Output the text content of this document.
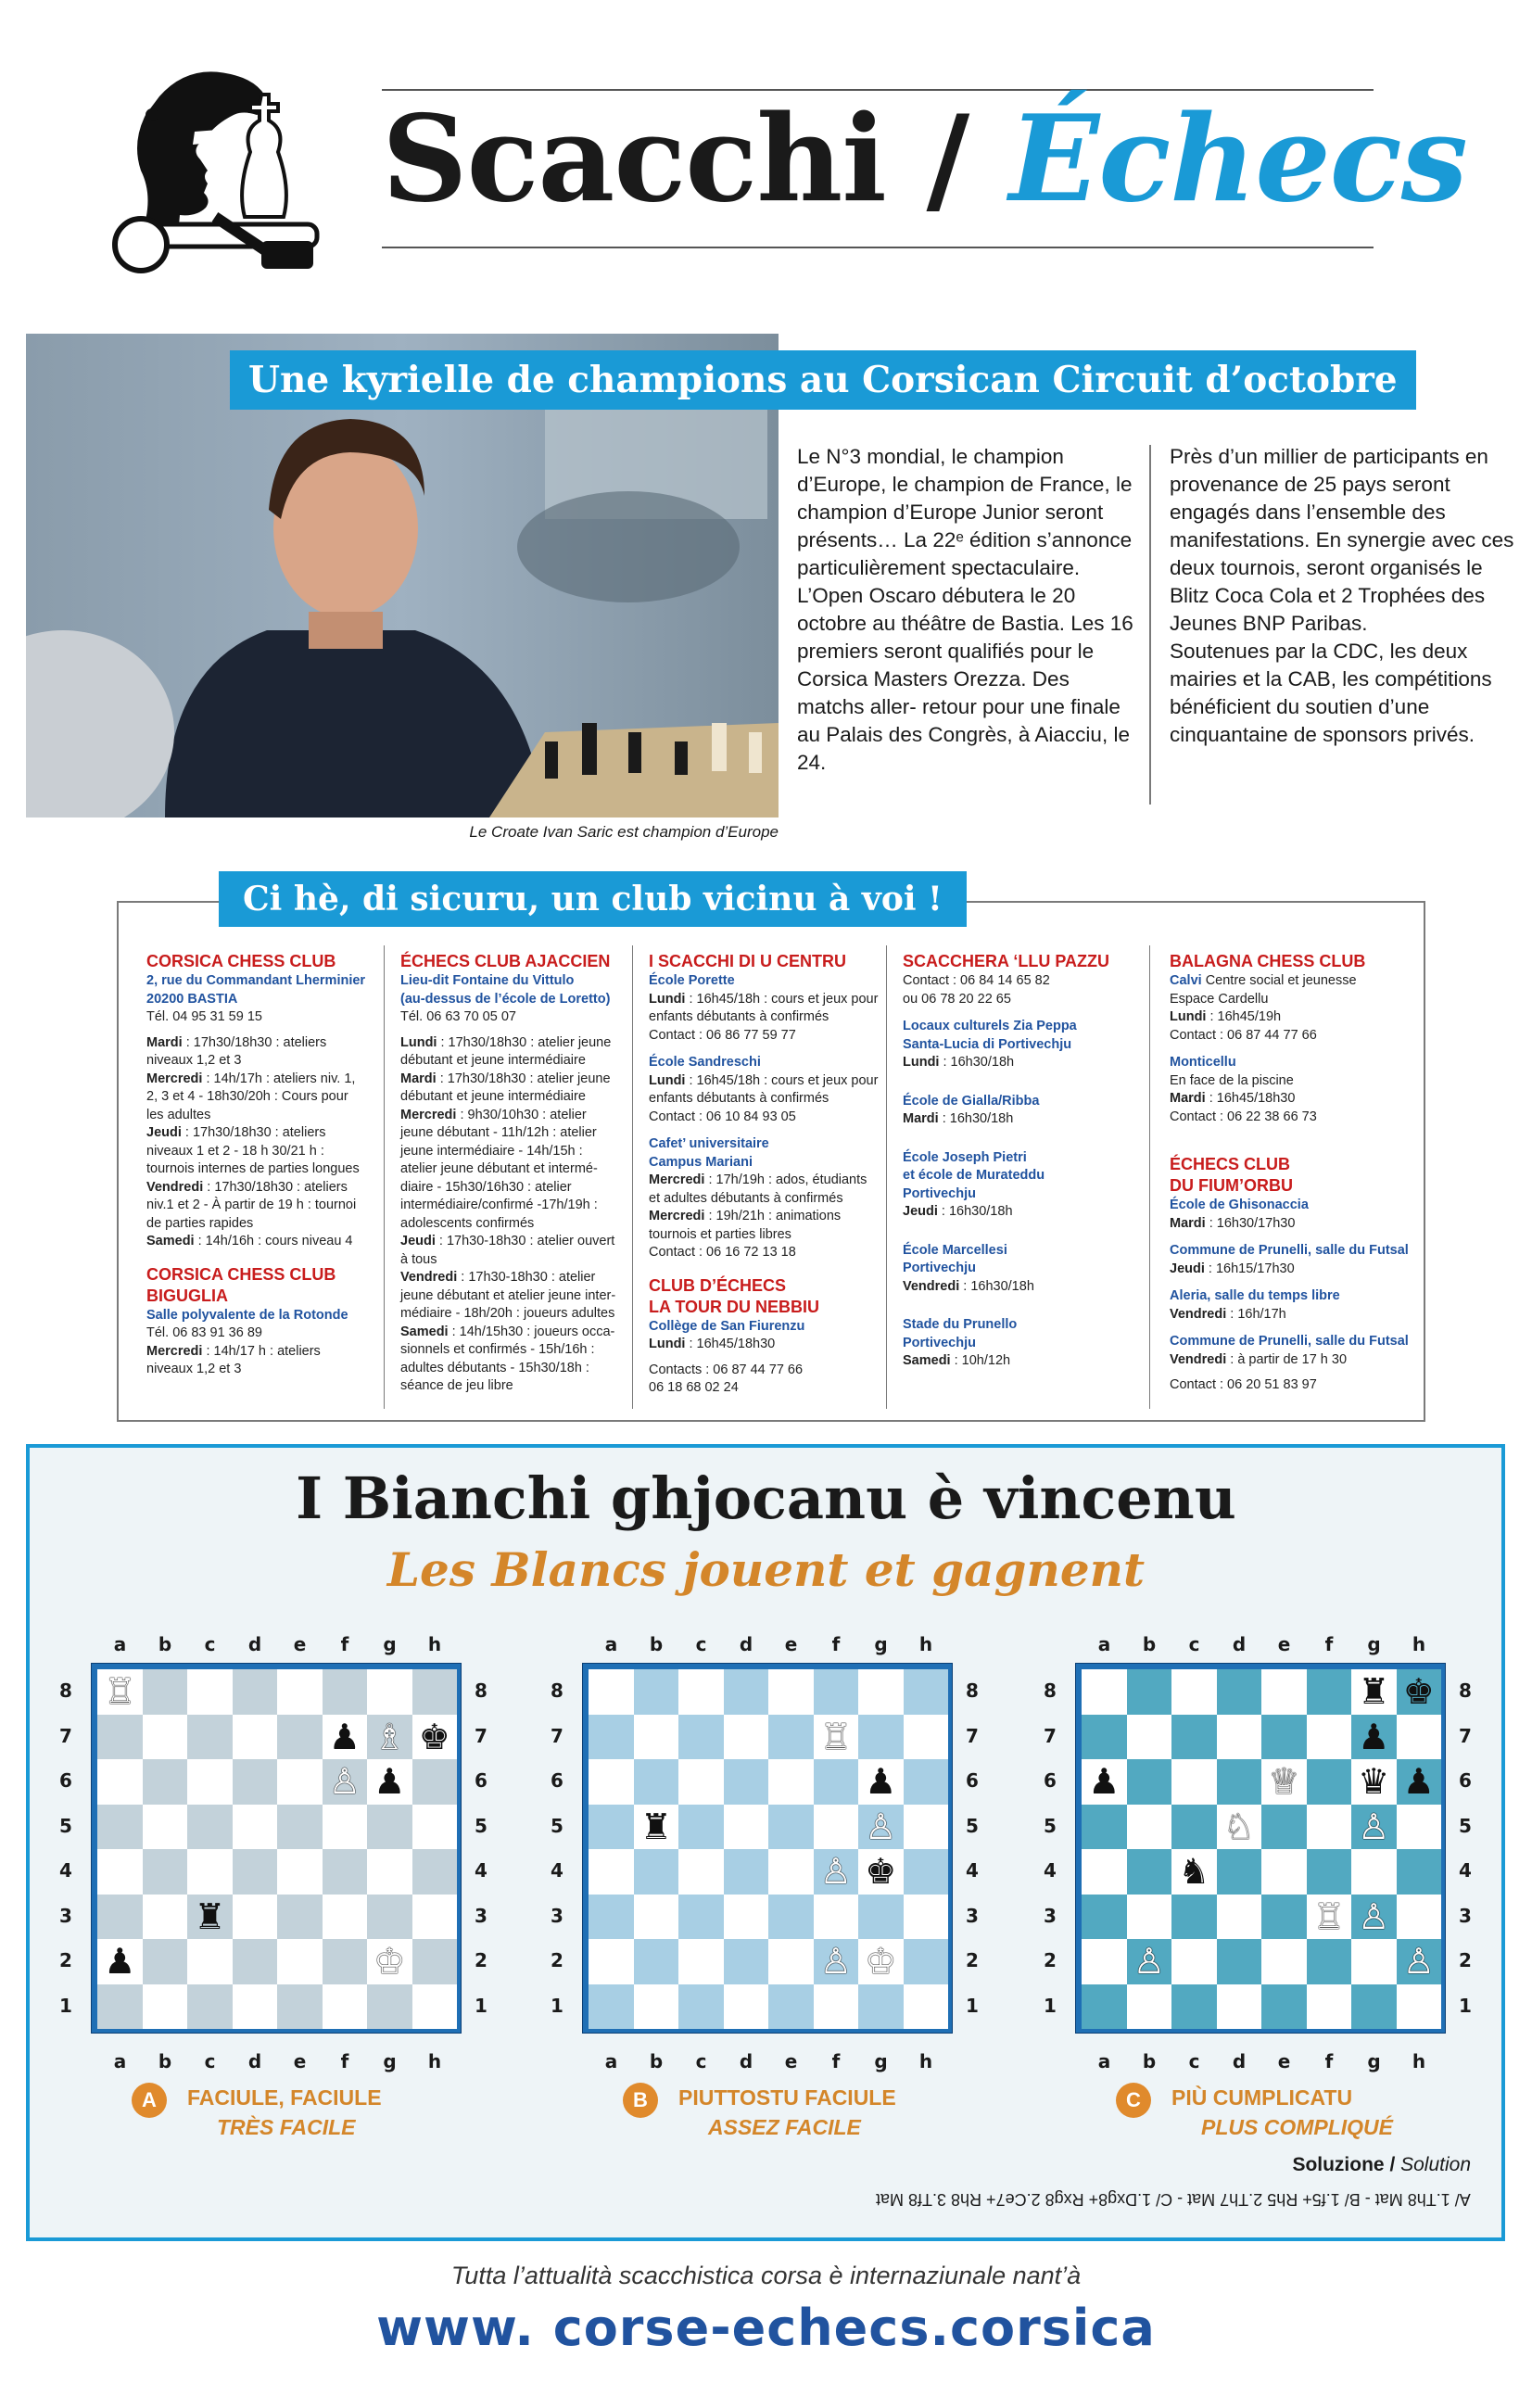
Scacchi / Échecs
Une kyrielle de champions au Corsican Circuit d’octobre
Le Croate Ivan Saric est champion d’Europe
Le N°3 mondial, le champion d’Europe, le champion de France, le champion d’Europe Junior seront présents… La 22ᵉ édition s’annonce particulièrement spectaculaire.
L’Open Oscaro débutera le 20 octobre au théâtre de Bastia. Les 16 premiers seront qualifiés pour le Corsica Masters Orezza. Des matchs aller- retour pour une finale au Palais des Congrès, à Aiacciu, le 24.
Près d’un millier de participants en provenance de 25 pays seront engagés dans l’ensemble des manifestations. En synergie avec ces deux tournois, seront organisés le Blitz Coca Cola et 2 Trophées des Jeunes BNP Paribas.
Soutenues par la CDC, les deux mairies et la CAB, les compétitions bénéficient du soutien d’une cinquantaine de sponsors privés.
Ci hè, di sicuru, un club vicinu à voi !
CORSICA CHESS CLUB
2, rue du Commandant Lherminier
20200 BASTIA
Tél. 04 95 31 59 15
Mardi : 17h30/18h30 : ateliers niveaux 1,2 et 3
Mercredi : 14h/17h : ateliers niv. 1, 2, 3 et 4 - 18h30/20h : Cours pour les adultes
Jeudi : 17h30/18h30 : ateliers niveaux 1 et 2 - 18 h 30/21 h : tournois internes de parties longues
Vendredi : 17h30/18h30 : ateliers niv.1 et 2 - À partir de 19 h : tournoi de parties rapides
Samedi : 14h/16h : cours niveau 4
CORSICA CHESS CLUB
BIGUGLIA
Salle polyvalente de la Rotonde
Tél. 06 83 91 36 89
Mercredi : 14h/17 h : ateliers niveaux 1,2 et 3
ÉCHECS CLUB AJACCIEN
Lieu-dit Fontaine du Vittulo
(au-dessus de l’école de Loretto)
Tél. 06 63 70 05 07
Lundi : 17h30/18h30 : atelier jeune débutant et jeune intermédiaire
Mardi : 17h30/18h30 : atelier jeune débutant et jeune intermédiaire
Mercredi : 9h30/10h30 : atelier jeune débutant - 11h/12h : atelier jeune intermédiaire - 14h/15h : atelier jeune débutant et intermé-diaire - 15h30/16h30 : atelier intermédiaire/confirmé -17h/19h : adolescents confirmés
Jeudi : 17h30-18h30 : atelier ouvert à tous
Vendredi : 17h30-18h30 : atelier jeune débutant et atelier jeune inter-médiaire - 18h/20h : joueurs adultes
Samedi : 14h/15h30 : joueurs occa-sionnels et confirmés - 15h/16h : adultes débutants - 15h30/18h : séance de jeu libre
I SCACCHI DI U CENTRU
École Porette
Lundi : 16h45/18h : cours et jeux pour enfants débutants à confirmés
Contact : 06 86 77 59 77
École Sandreschi
Lundi : 16h45/18h : cours et jeux pour enfants débutants à confirmés
Contact : 06 10 84 93 05
Cafet’ universitaire
Campus Mariani
Mercredi : 17h/19h : ados, étudiants et adultes débutants à confirmés
Mercredi : 19h/21h : animations tournois et parties libres
Contact : 06 16 72 13 18
CLUB D’ÉCHECS
LA TOUR DU NEBBIU
Collège de San Fiurenzu
Lundi : 16h45/18h30
Contacts : 06 87 44 77 66
06 18 68 02 24
SCACCHERA ‘LLU PAZZU
Contact : 06 84 14 65 82
ou 06 78 20 22 65
Locaux culturels Zia Peppa
Santa-Lucia di Portivechju
Lundi : 16h30/18h
École de Gialla/Ribba
Mardi : 16h30/18h
École Joseph Pietri
et école de Murateddu
Portivechju
Jeudi : 16h30/18h
École Marcellesi
Portivechju
Vendredi : 16h30/18h
Stade du Prunello
Portivechju
Samedi : 10h/12h
BALAGNA CHESS CLUB
Calvi Centre social et jeunesse
Espace Cardellu
Lundi : 16h45/19h
Contact : 06 87 44 77 66
Monticellu
En face de la piscine
Mardi : 16h45/18h30
Contact : 06 22 38 66 73
ÉCHECS CLUB
DU FIUM’ORBU
École de Ghisonaccia
Mardi : 16h30/17h30
Commune de Prunelli, salle du Futsal
Jeudi : 16h15/17h30
Aleria, salle du temps libre
Vendredi : 16h/17h
Commune de Prunelli, salle du Futsal
Vendredi : à partir de 17 h 30
Contact : 06 20 51 83 97
I Bianchi ghjocanu è vincenu
Les Blancs jouent et gagnent
♖
♟ ♗ ♚
♙ ♟
♜
♟	♔
a	b	c	d	e	f	g	h
a	b	c	d	e	f	g	h
8
7
6
5
4
3
2
1
8
7
6
5
4
3
2
1
A	FACIULE, FACIULE
TRÈS FACILE
♖
♟
♜	♙
♙ ♚
♙ ♔
a	b	c	d	e	f	g	h
a	b	c	d	e	f	g	h
8
7
6
5
4
3
2
1
8
7
6
5
4
3
2
1
B	PIUTTOSTU FACIULE
ASSEZ FACILE
♜ ♚
♟
♟	♕ ♛ ♟
♘	♙
♞
♖ ♙
♙	♙
a	b	c	d	e	f	g	h
a	b	c	d	e	f	g	h
8
7
6
5
4
3
2
1
8
7
6
5
4
3
2
1
C	PIÙ CUMPLICATU
PLUS COMPLIQUÉ
Soluzione / Solution
A/ 1.Th8 Mat - B/ 1.f5+ Rh5 2.Th7 Mat - C/ 1.Dxg8+ Rxg8 2.Ce7+ Rh8 3.Tf8 Mat
Tutta l’attualità scacchistica corsa è internaziunale nant’à
www. corse-echecs.corsica
